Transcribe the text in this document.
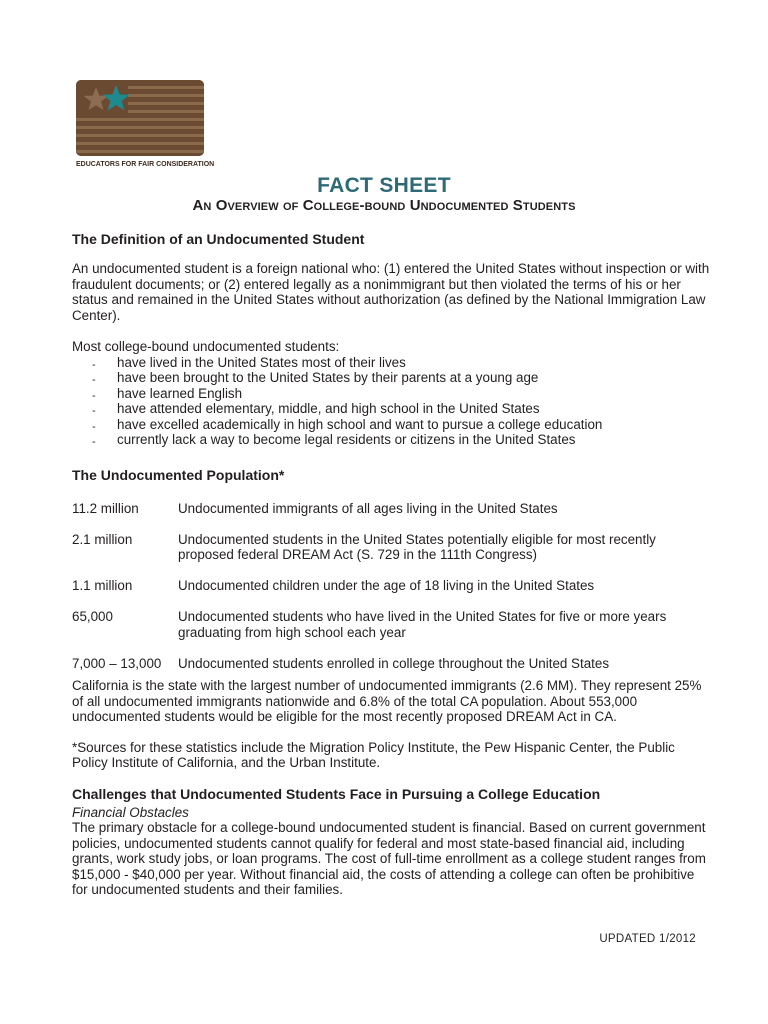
EDUCATORS FOR FAIR CONSIDERATION
FACT SHEET
An Overview of College-bound Undocumented Students
The Definition of an Undocumented Student

An undocumented student is a foreign national who: (1) entered the United States without inspection or with fraudulent documents; or (2) entered legally as a nonimmigrant but then violated the terms of his or her status and remained in the United States without authorization (as defined by the National Immigration Law Center).

Most college-bound undocumented students:

- have lived in the United States most of their lives
- have been brought to the United States by their parents at a young age
- have learned English
- have attended elementary, middle, and high school in the United States
- have excelled academically in high school and want to pursue a college education
- currently lack a way to become legal residents or citizens in the United States
The Undocumented Population*
11.2 million	Undocumented immigrants of all ages living in the United States
2.1 million	Undocumented students in the United States potentially eligible for most recently proposed federal DREAM Act (S. 729 in the 111th Congress)
1.1 million	Undocumented children under the age of 18 living in the United States
65,000	Undocumented students who have lived in the United States for five or more years graduating from high school each year
7,000 – 13,000	Undocumented students enrolled in college throughout the United States

California is the state with the largest number of undocumented immigrants (2.6 MM). They represent 25% of all undocumented immigrants nationwide and 6.8% of the total CA population. About 553,000 undocumented students would be eligible for the most recently proposed DREAM Act in CA.

*Sources for these statistics include the Migration Policy Institute, the Pew Hispanic Center, the Public Policy Institute of California, and the Urban Institute.

Challenges that Undocumented Students Face in Pursuing a College Education
Financial Obstacles

The primary obstacle for a college-bound undocumented student is financial. Based on current government policies, undocumented students cannot qualify for federal and most state-based financial aid, including grants, work study jobs, or loan programs. The cost of full-time enrollment as a college student ranges from $15,000 - $40,000 per year. Without financial aid, the costs of attending a college can often be prohibitive for undocumented students and their families.

UPDATED 1/2012
